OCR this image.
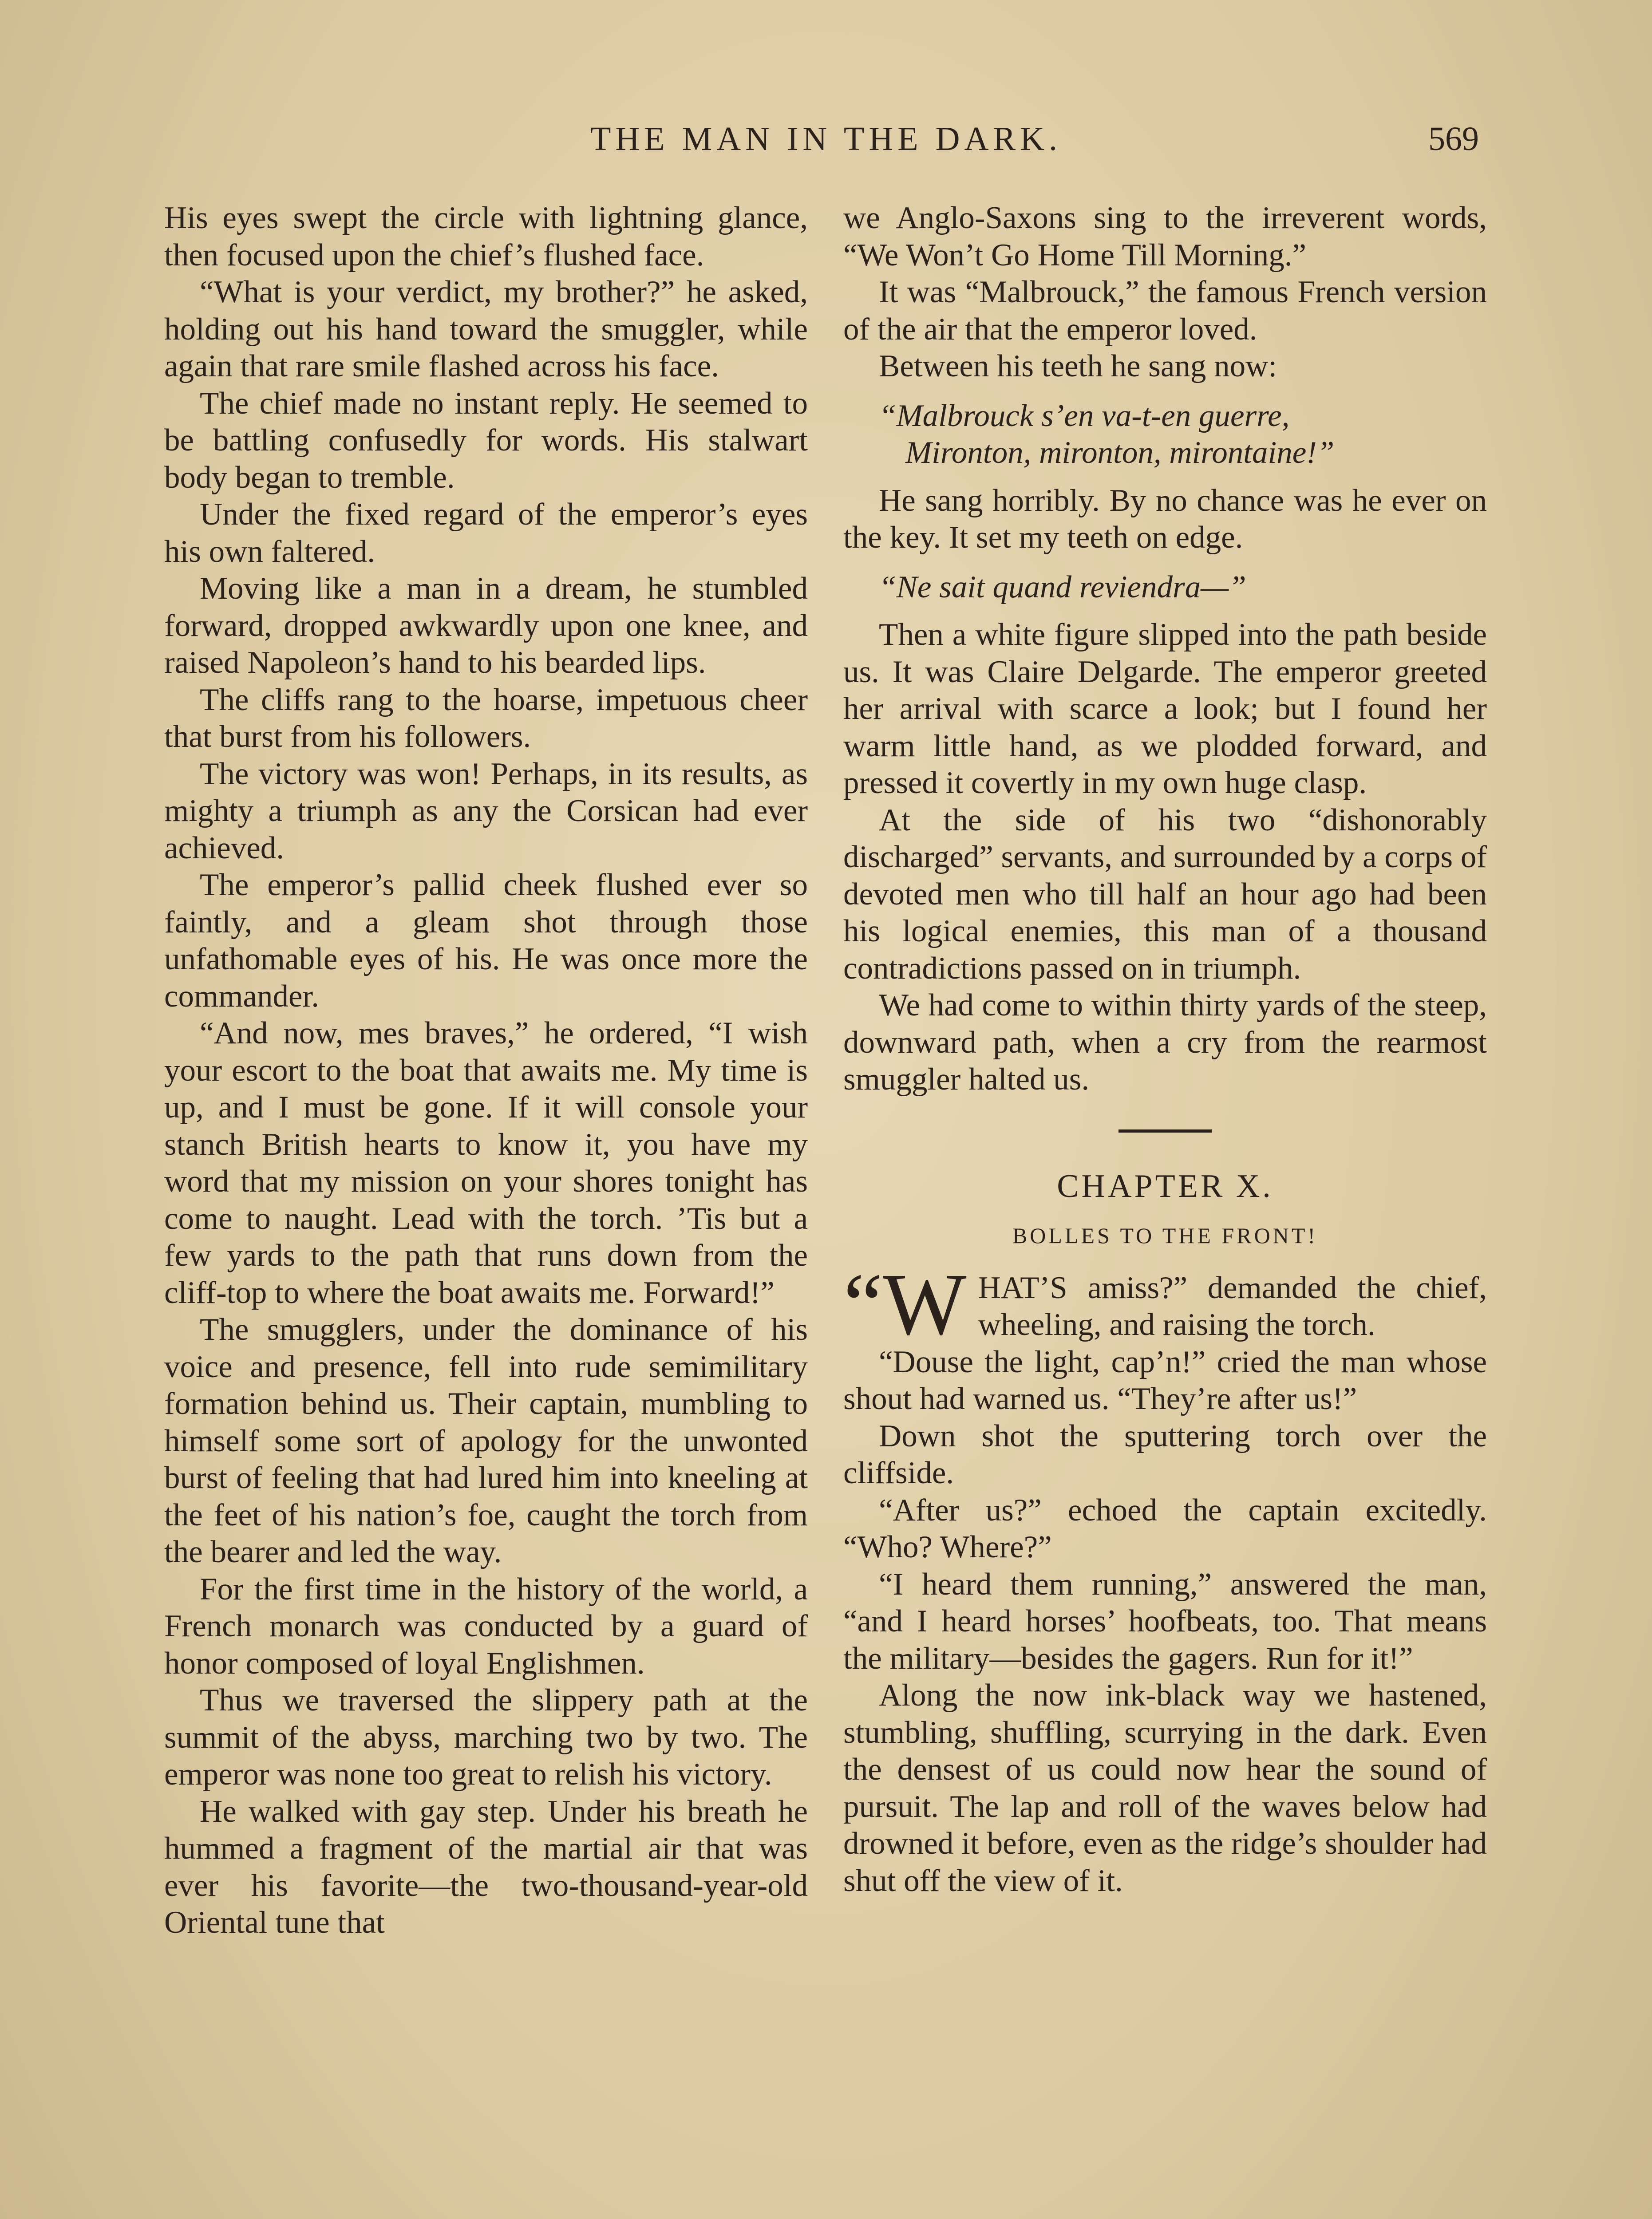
THE MAN IN THE DARK.	569

His eyes swept the circle with lightning glance, then focused upon the chief’s flushed face.

“What is your verdict, my brother?” he asked, holding out his hand toward the smuggler, while again that rare smile flashed across his face.

The chief made no instant reply. He seemed to be battling confusedly for words. His stalwart body began to tremble.

Under the fixed regard of the emperor’s eyes his own faltered.

Moving like a man in a dream, he stumbled forward, dropped awkwardly upon one knee, and raised Napoleon’s hand to his bearded lips.

The cliffs rang to the hoarse, impetuous cheer that burst from his followers.

The victory was won! Perhaps, in its results, as mighty a triumph as any the Corsican had ever achieved.

The emperor’s pallid cheek flushed ever so faintly, and a gleam shot through those unfathomable eyes of his. He was once more the commander.

“And now, mes braves,” he ordered, “I wish your escort to the boat that awaits me. My time is up, and I must be gone. If it will console your stanch British hearts to know it, you have my word that my mission on your shores tonight has come to naught. Lead with the torch. ’Tis but a few yards to the path that runs down from the cliff-top to where the boat awaits me. Forward!”

The smugglers, under the dominance of his voice and presence, fell into rude semimilitary formation behind us. Their captain, mumbling to himself some sort of apology for the unwonted burst of feeling that had lured him into kneeling at the feet of his nation’s foe, caught the torch from the bearer and led the way.

For the first time in the history of the world, a French monarch was conducted by a guard of honor composed of loyal Englishmen.

Thus we traversed the slippery path at the summit of the abyss, marching two by two. The emperor was none too great to relish his victory.

He walked with gay step. Under his breath he hummed a fragment of the martial air that was ever his favorite—the two-thousand-year-old Oriental tune that

we Anglo-Saxons sing to the irreverent words, “We Won’t Go Home Till Morning.”

It was “Malbrouck,” the famous French version of the air that the emperor loved.

Between his teeth he sang now:

“Malbrouck s’en va-t-en guerre,
Mironton, mironton, mirontaine!”

He sang horribly. By no chance was he ever on the key. It set my teeth on edge.

“Ne sait quand reviendra—”

Then a white figure slipped into the path beside us. It was Claire Delgarde. The emperor greeted her arrival with scarce a look; but I found her warm little hand, as we plodded forward, and pressed it covertly in my own huge clasp.

At the side of his two “dishonorably discharged” servants, and surrounded by a corps of devoted men who till half an hour ago had been his logical enemies, this man of a thousand contradictions passed on in triumph.

We had come to within thirty yards of the steep, downward path, when a cry from the rearmost smuggler halted us.

CHAPTER X.
BOLLES TO THE FRONT!

“W HAT’S amiss?” demanded the chief, wheeling, and raising the torch.

“Douse the light, cap’n!” cried the man whose shout had warned us. “They’re after us!”

Down shot the sputtering torch over the cliffside.

“After us?” echoed the captain excitedly. “Who? Where?”

“I heard them running,” answered the man, “and I heard horses’ hoofbeats, too. That means the military—besides the gagers. Run for it!”

Along the now ink-black way we hastened, stumbling, shuffling, scurrying in the dark. Even the densest of us could now hear the sound of pursuit. The lap and roll of the waves below had drowned it before, even as the ridge’s shoulder had shut off the view of it.
